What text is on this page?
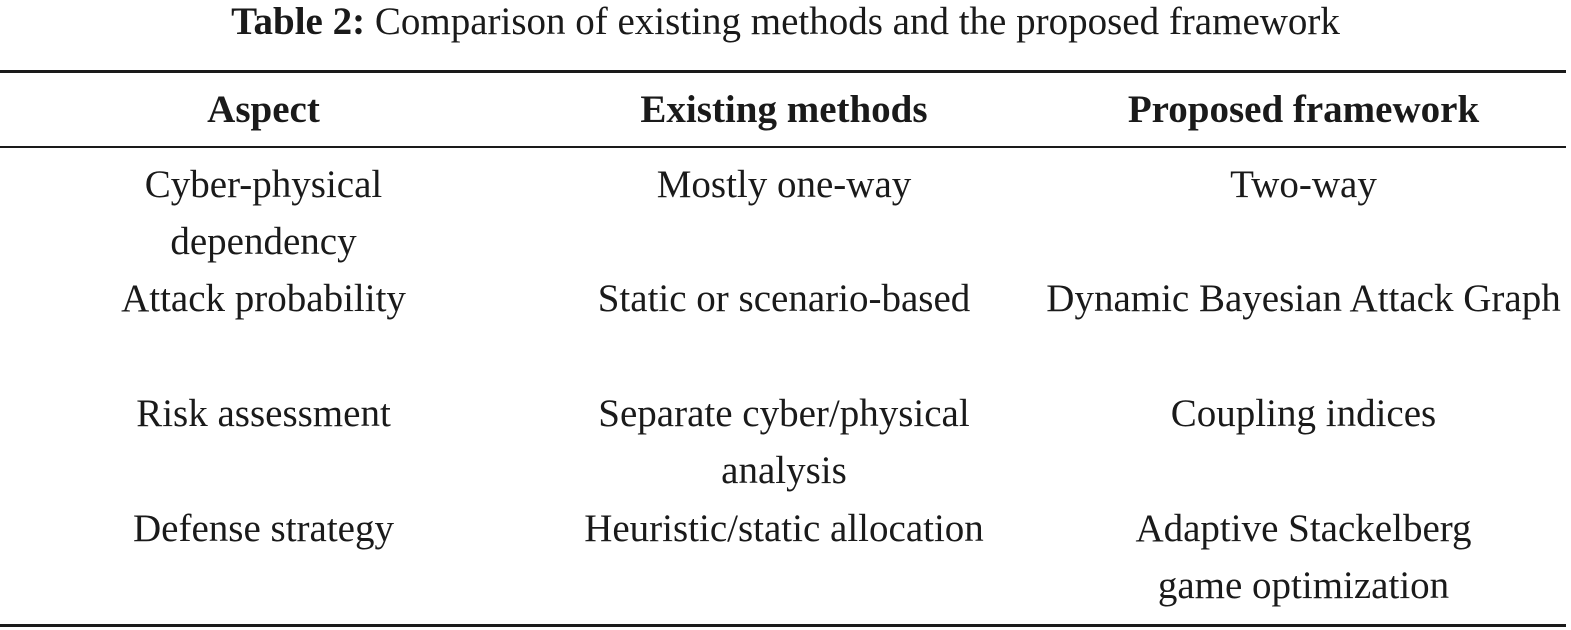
Table 2: Comparison of existing methods and the proposed framework
Aspect	Existing methods	Proposed framework

Cyber-physical dependency	Mostly one-way	Two-way

Attack probability	Static or scenario-based	Dynamic Bayesian Attack Graph

Risk assessment	Separate cyber/physical analysis	Coupling indices

Defense strategy	Heuristic/static allocation	Adaptive Stackelberg game optimization
